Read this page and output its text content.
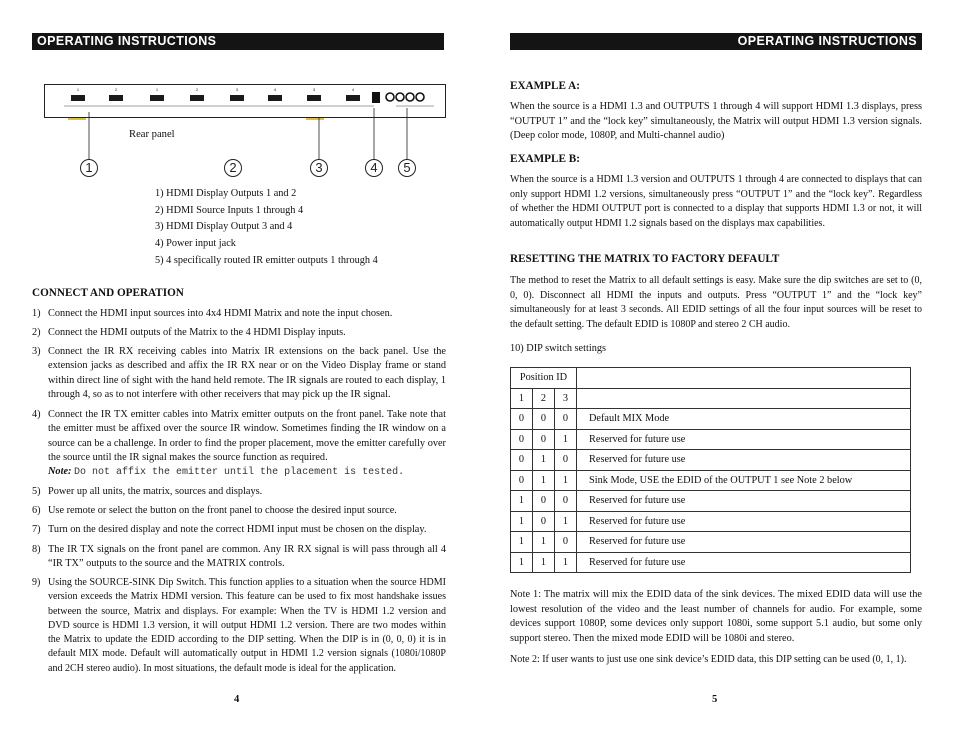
OPERATING INSTRUCTIONS
1	2	1	2	3	4	3	4
Rear panel
1	2	3	4	5
1) HDMI Display Outputs 1 and 2
2) HDMI Source Inputs 1 through 4
3) HDMI Display Output 3 and 4
4) Power input jack
5) 4 specifically routed IR emitter outputs 1 through 4
CONNECT AND OPERATION
1) Connect the HDMI input sources into 4x4 HDMI Matrix and note the input chosen.
2) Connect the HDMI outputs of the Matrix to the 4 HDMI Display inputs.
3) Connect the IR RX receiving cables into Matrix IR extensions on the back panel. Use the extension jacks as described and affix the IR RX near or on the Video Display frame or stand within direct line of sight with the hand held remote. The IR signals are routed to each display, 1 through 4, so as to not interfere with other receivers that may pick up the IR signal.
4) Connect the IR TX emitter cables into Matrix emitter outputs on the front panel. Take note that the emitter must be affixed over the source IR window. Sometimes finding the IR window on a source can be a challenge. In order to find the proper placement, move the emitter carefully over the source until the IR signal makes the source function as required.
Note: Do not affix the emitter until the placement is tested.
5) Power up all units, the matrix, sources and displays.
6) Use remote or select the button on the front panel to choose the desired input source.
7) Turn on the desired display and note the correct HDMI input must be chosen on the display.
8) The IR TX signals on the front panel are common. Any IR RX signal is will pass through all 4 “IR TX” outputs to the source and the MATRIX controls.
9) Using the SOURCE-SINK Dip Switch. This function applies to a situation when the source HDMI version exceeds the Matrix HDMI version. This feature can be used to fix most handshake issues between the source, Matrix and displays. For example: When the TV is HDMI 1.2 version and DVD source is HDMI 1.3 version, it will output HDMI 1.2 version. There are two modes within the Matrix to update the EDID according to the DIP setting. When the DIP is in (0, 0, 0) it is in default MIX mode. Default will automatically output in HDMI 1.2 version signals (1080i/1080P and 2CH stereo audio). In most situations, the default mode is ideal for the application.
4
OPERATING INSTRUCTIONS
EXAMPLE A:
When the source is a HDMI 1.3 and OUTPUTS 1 through 4 will support HDMI 1.3 displays, press “OUTPUT 1” and the “lock key” simultaneously, the Matrix will output HDMI 1.3 version signals. (Deep color mode, 1080P, and Multi-channel audio)
EXAMPLE B:
When the source is a HDMI 1.3 version and OUTPUTS 1 through 4 are connected to displays that can only support HDMI 1.2 versions, simultaneously press “OUTPUT 1” and the “lock key”. Regardless of whether the HDMI OUTPUT port is connected to a display that supports HDMI 1.3 or not, it will automatically output HDMI 1.2 signals based on the displays max capabilities.
RESETTING THE MATRIX TO FACTORY DEFAULT
The method to reset the Matrix to all default settings is easy. Make sure the dip switches are set to (0, 0, 0). Disconnect all HDMI the inputs and outputs. Press “OUTPUT 1” and the “lock key” simultaneously for at least 3 seconds. All EDID settings of all the four input sources will be reset to the default setting. The default EDID is 1080P and stereo 2 CH audio.
10) DIP switch settings
Position ID			
1	2	3	
0	0	0	Default MIX Mode
0	0	1	Reserved for future use
0	1	0	Reserved for future use
0	1	1	Sink Mode, USE the EDID of the OUTPUT 1 see Note 2 below
1	0	0	Reserved for future use
1	0	1	Reserved for future use
1	1	0	Reserved for future use
1	1	1	Reserved for future use
Note 1: The matrix will mix the EDID data of the sink devices. The mixed EDID data will use the lowest resolution of the video and the least number of channels for audio. For example, some devices support 1080P, some devices only support 1080i, some support 5.1 audio, but some only support stereo. Then the mixed mode EDID will be 1080i and stereo.
Note 2: If user wants to just use one sink device’s EDID data, this DIP setting can be used (0, 1, 1).
5
